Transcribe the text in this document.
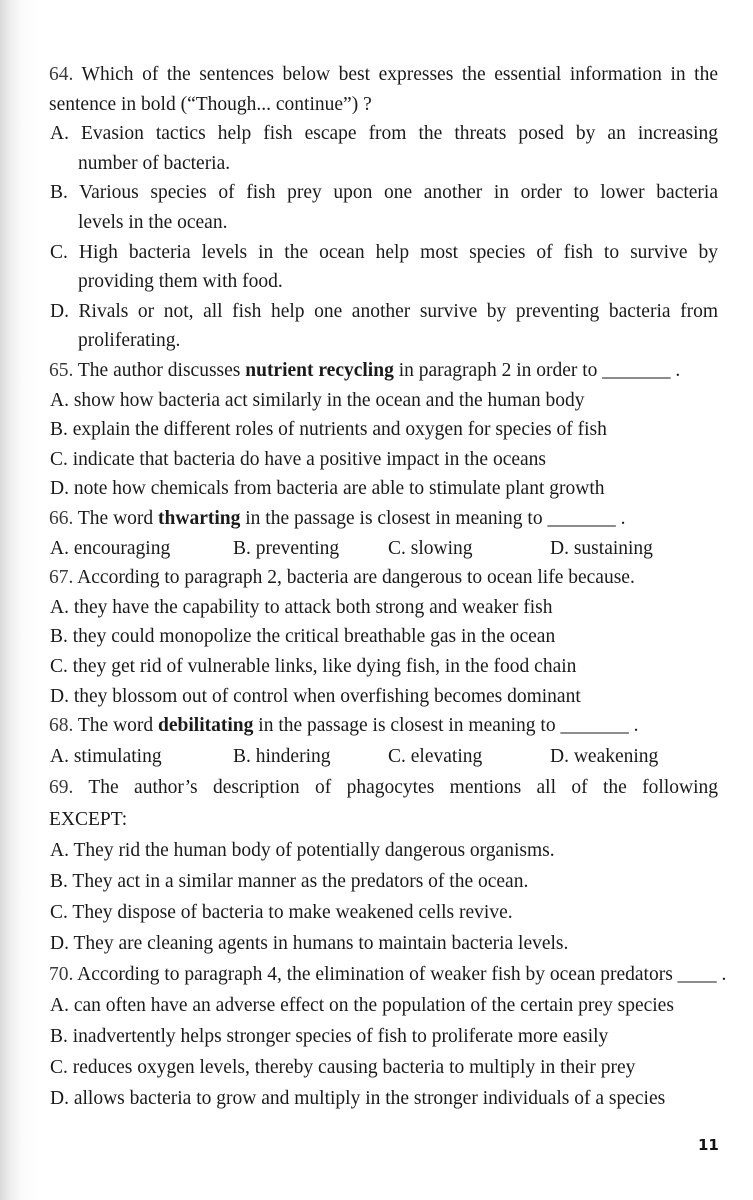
64. Which of the sentences below best expresses the essential information in the
sentence in bold (“Though... continue”) ?
A. Evasion tactics help fish escape from the threats posed by an increasing
number of bacteria.
B. Various species of fish prey upon one another in order to lower bacteria
levels in the ocean.
C. High bacteria levels in the ocean help most species of fish to survive by
providing them with food.
D. Rivals or not, all fish help one another survive by preventing bacteria from
proliferating.
65. The author discusses nutrient recycling in paragraph 2 in order to _______ .
A. show how bacteria act similarly in the ocean and the human body
B. explain the different roles of nutrients and oxygen for species of fish
C. indicate that bacteria do have a positive impact in the oceans
D. note how chemicals from bacteria are able to stimulate plant growth
66. The word thwarting in the passage is closest in meaning to _______ .
A. encouraging	B. preventing	C. slowing	D. sustaining
67. According to paragraph 2, bacteria are dangerous to ocean life because.
A. they have the capability to attack both strong and weaker fish
B. they could monopolize the critical breathable gas in the ocean
C. they get rid of vulnerable links, like dying fish, in the food chain
D. they blossom out of control when overfishing becomes dominant
68. The word debilitating in the passage is closest in meaning to _______ .
A. stimulating	B. hindering	C. elevating	D. weakening
69. The author’s description of phagocytes mentions all of the following
EXCEPT:
A. They rid the human body of potentially dangerous organisms.
B. They act in a similar manner as the predators of the ocean.
C. They dispose of bacteria to make weakened cells revive.
D. They are cleaning agents in humans to maintain bacteria levels.
70. According to paragraph 4, the elimination of weaker fish by ocean predators ____ .
A. can often have an adverse effect on the population of the certain prey species
B. inadvertently helps stronger species of fish to proliferate more easily
C. reduces oxygen levels, thereby causing bacteria to multiply in their prey
D. allows bacteria to grow and multiply in the stronger individuals of a species
11
